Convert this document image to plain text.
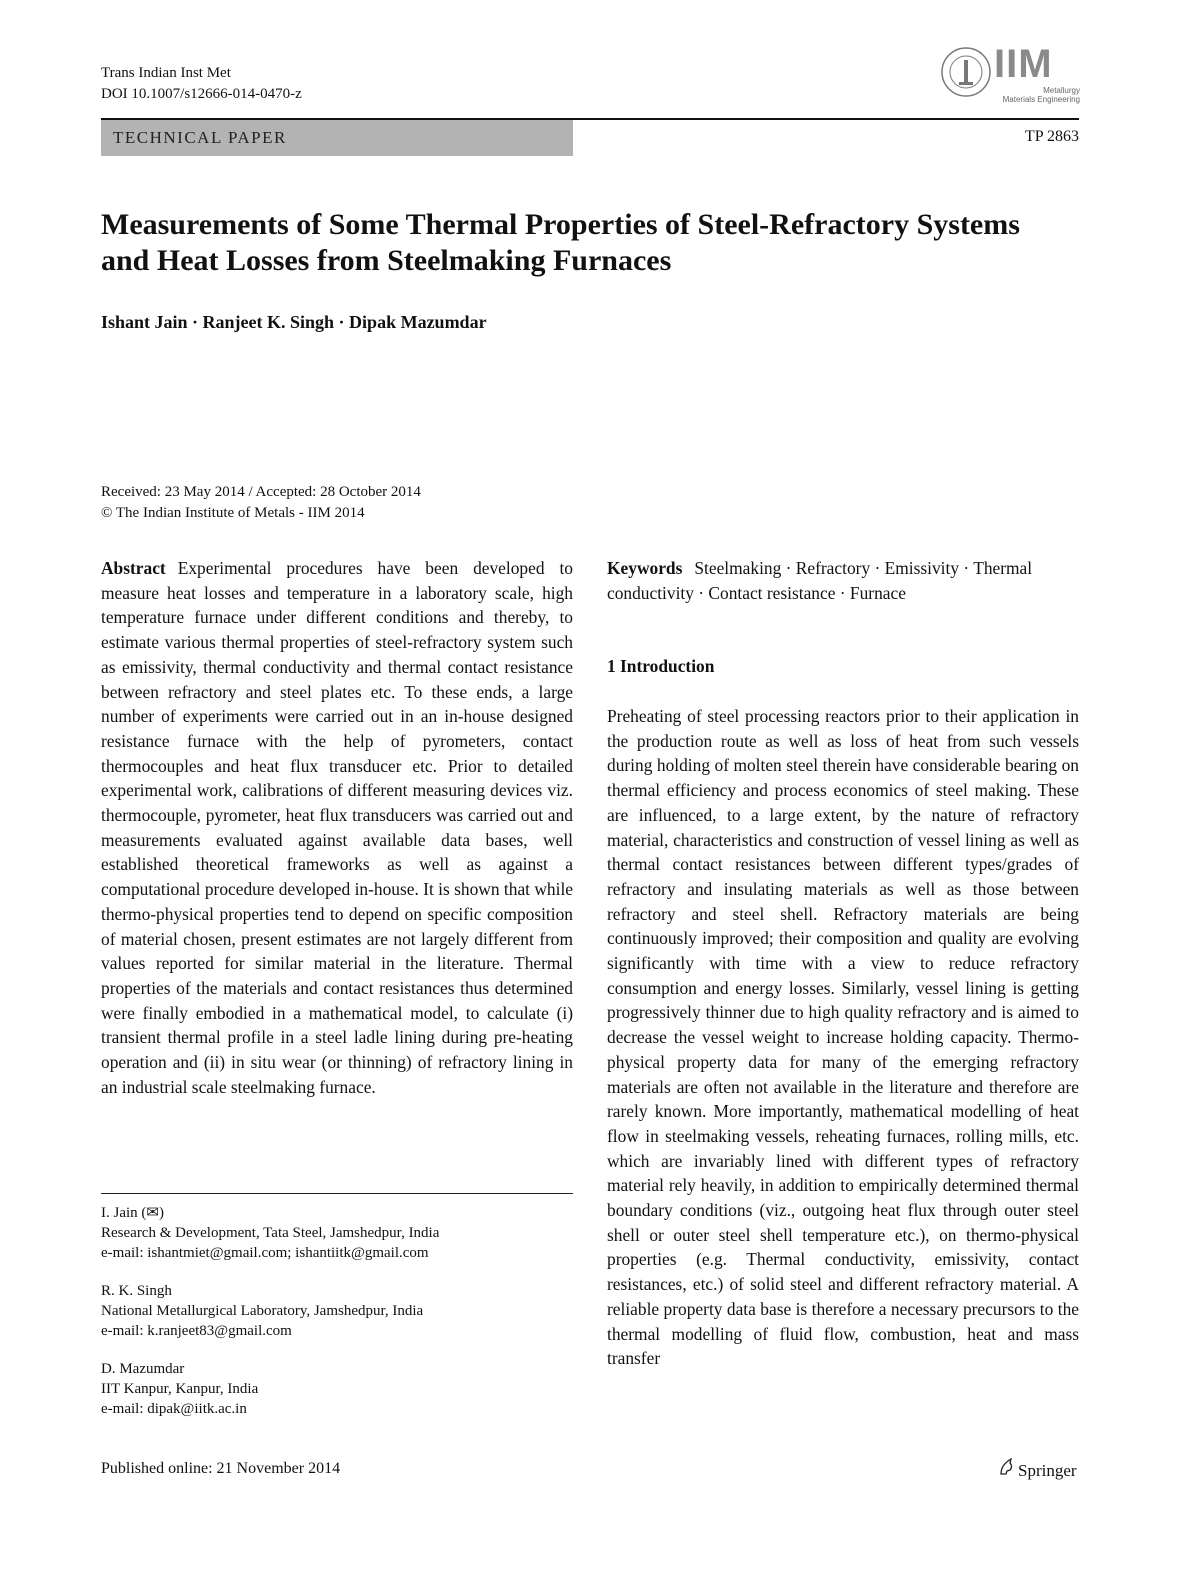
Trans Indian Inst Met
DOI 10.1007/s12666-014-0470-z
IIM
Metallurgy
Materials Engineering
TECHNICAL PAPER	TP 2863
Measurements of Some Thermal Properties of Steel-Refractory Systems and Heat Losses from Steelmaking Furnaces
Ishant Jain · Ranjeet K. Singh · Dipak Mazumdar
Received: 23 May 2014 / Accepted: 28 October 2014
© The Indian Institute of Metals - IIM 2014
Abstract Experimental procedures have been developed to measure heat losses and temperature in a laboratory scale, high temperature furnace under different conditions and thereby, to estimate various thermal properties of steel-refractory system such as emissivity, thermal conductivity and thermal contact resistance between refractory and steel plates etc. To these ends, a large number of experiments were carried out in an in-house designed resistance furnace with the help of pyrometers, contact thermocouples and heat flux transducer etc. Prior to detailed experimental work, calibrations of different measuring devices viz. thermocouple, pyrometer, heat flux transducers was carried out and measurements evaluated against available data bases, well established theoretical frameworks as well as against a computational procedure developed in-house. It is shown that while thermo-physical properties tend to depend on specific composition of material chosen, present estimates are not largely different from values reported for similar material in the literature. Thermal properties of the materials and contact resistances thus determined were finally embodied in a mathematical model, to calculate (i) transient thermal profile in a steel ladle lining during pre-heating operation and (ii) in situ wear (or thinning) of refractory lining in an industrial scale steelmaking furnace.
Keywords Steelmaking · Refractory · Emissivity · Thermal conductivity · Contact resistance · Furnace
1 Introduction
Preheating of steel processing reactors prior to their application in the production route as well as loss of heat from such vessels during holding of molten steel therein have considerable bearing on thermal efficiency and process economics of steel making. These are influenced, to a large extent, by the nature of refractory material, characteristics and construction of vessel lining as well as thermal contact resistances between different types/grades of refractory and insulating materials as well as those between refractory and steel shell. Refractory materials are being continuously improved; their composition and quality are evolving significantly with time with a view to reduce refractory consumption and energy losses. Similarly, vessel lining is getting progressively thinner due to high quality refractory and is aimed to decrease the vessel weight to increase holding capacity. Thermo-physical property data for many of the emerging refractory materials are often not available in the literature and therefore are rarely known. More importantly, mathematical modelling of heat flow in steelmaking vessels, reheating furnaces, rolling mills, etc. which are invariably lined with different types of refractory material rely heavily, in addition to empirically determined thermal boundary conditions (viz., outgoing heat flux through outer steel shell or outer steel shell temperature etc.), on thermo-physical properties (e.g. Thermal conductivity, emissivity, contact resistances, etc.) of solid steel and different refractory material. A reliable property data base is therefore a necessary precursors to the thermal modelling of fluid flow, combustion, heat and mass transfer
I. Jain (✉)
Research & Development, Tata Steel, Jamshedpur, India
e-mail: ishantmiet@gmail.com; ishantiitk@gmail.com
R. K. Singh
National Metallurgical Laboratory, Jamshedpur, India
e-mail: k.ranjeet83@gmail.com
D. Mazumdar
IIT Kanpur, Kanpur, India
e-mail: dipak@iitk.ac.in
Published online: 21 November 2014	Springer
